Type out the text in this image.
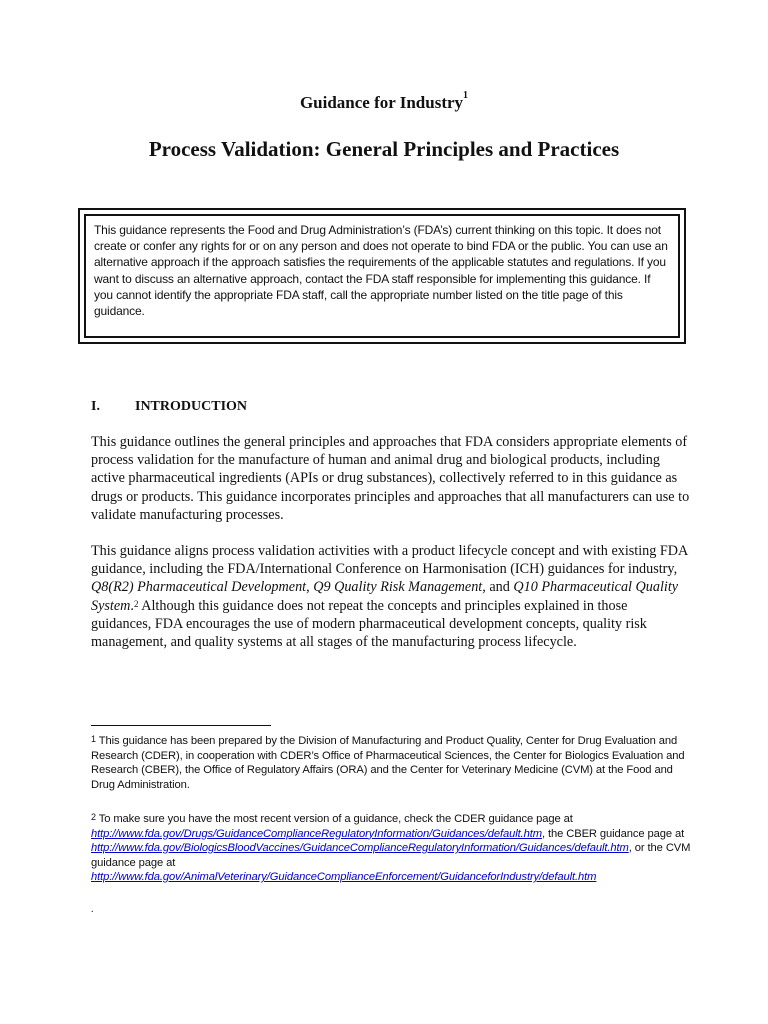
Guidance for Industry$^1$
Process Validation: General Principles and Practices

This guidance represents the Food and Drug Administration’s (FDA’s) current thinking on this topic. It does not create or confer any rights for or on any person and does not operate to bind FDA or the public. You can use an alternative approach if the approach satisfies the requirements of the applicable statutes and regulations. If you want to discuss an alternative approach, contact the FDA staff responsible for implementing this guidance. If you cannot identify the appropriate FDA staff, call the appropriate number listed on the title page of this guidance.

I.	INTRODUCTION

This guidance outlines the general principles and approaches that FDA considers appropriate elements of process validation for the manufacture of human and animal drug and biological products, including active pharmaceutical ingredients (APIs or drug substances), collectively referred to in this guidance as drugs or products. This guidance incorporates principles and approaches that all manufacturers can use to validate manufacturing processes.

This guidance aligns process validation activities with a product lifecycle concept and with existing FDA guidance, including the FDA/International Conference on Harmonisation (ICH) guidances for industry, Q8(R2) Pharmaceutical Development, Q9 Quality Risk Management, and Q10 Pharmaceutical Quality System.$^2$ Although this guidance does not repeat the concepts and principles explained in those guidances, FDA encourages the use of modern pharmaceutical development concepts, quality risk management, and quality systems at all stages of the manufacturing process lifecycle.

$^1$ This guidance has been prepared by the Division of Manufacturing and Product Quality, Center for Drug Evaluation and Research (CDER), in cooperation with CDER’s Office of Pharmaceutical Sciences, the Center for Biologics Evaluation and Research (CBER), the Office of Regulatory Affairs (ORA) and the Center for Veterinary Medicine (CVM) at the Food and Drug Administration.

$^2$ To make sure you have the most recent version of a guidance, check the CDER guidance page at
http://www.fda.gov/Drugs/GuidanceComplianceRegulatoryInformation/Guidances/default.htm, the CBER guidance page at
http://www.fda.gov/BiologicsBloodVaccines/GuidanceComplianceRegulatoryInformation/Guidances/default.htm, or the CVM guidance page at
http://www.fda.gov/AnimalVeterinary/GuidanceComplianceEnforcement/GuidanceforIndustry/default.htm

.
